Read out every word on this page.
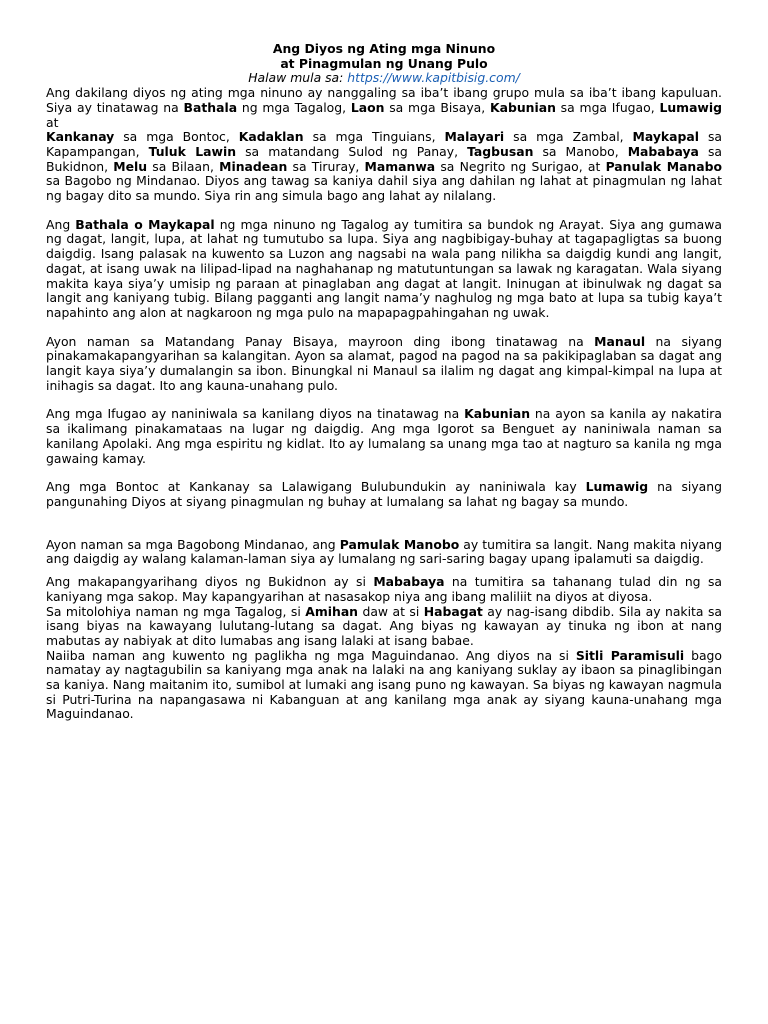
Ang Diyos ng Ating mga Ninuno
at Pinagmulan ng Unang Pulo
Halaw mula sa: https://www.kapitbisig.com/

Ang dakilang diyos ng ating mga ninuno ay nanggaling sa iba’t ibang grupo mula sa iba’t ibang kapuluan. Siya ay tinatawag na Bathala ng mga Tagalog, Laon sa mga Bisaya, Kabunian sa mga Ifugao, Lumawig at
Kankanay sa mga Bontoc, Kadaklan sa mga Tinguians, Malayari sa mga Zambal, Maykapal sa Kapampangan, Tuluk Lawin sa matandang Sulod ng Panay, Tagbusan sa Manobo, Mababaya sa Bukidnon, Melu sa Bilaan, Minadean sa Tiruray, Mamanwa sa Negrito ng Surigao, at Panulak Manabo sa Bagobo ng Mindanao. Diyos ang tawag sa kaniya dahil siya ang dahilan ng lahat at pinagmulan ng lahat ng bagay dito sa mundo. Siya rin ang simula bago ang lahat ay nilalang.

Ang Bathala o Maykapal ng mga ninuno ng Tagalog ay tumitira sa bundok ng Arayat. Siya ang gumawa ng dagat, langit, lupa, at lahat ng tumutubo sa lupa. Siya ang nagbibigay-buhay at tagapagligtas sa buong daigdig. Isang palasak na kuwento sa Luzon ang nagsabi na wala pang nilikha sa daigdig kundi ang langit, dagat, at isang uwak na lilipad-lipad na naghahanap ng matutuntungan sa lawak ng karagatan. Wala siyang makita kaya siya’y umisip ng paraan at pinaglaban ang dagat at langit. Ininugan at ibinulwak ng dagat sa langit ang kaniyang tubig. Bilang pagganti ang langit nama’y naghulog ng mga bato at lupa sa tubig kaya’t napahinto ang alon at nagkaroon ng mga pulo na mapapagpahingahan ng uwak.

Ayon naman sa Matandang Panay Bisaya, mayroon ding ibong tinatawag na Manaul na siyang pinakamakapangyarihan sa kalangitan. Ayon sa alamat, pagod na pagod na sa pakikipaglaban sa dagat ang langit kaya siya’y dumalangin sa ibon. Binungkal ni Manaul sa ilalim ng dagat ang kimpal-kimpal na lupa at inihagis sa dagat. Ito ang kauna-unahang pulo.

Ang mga Ifugao ay naniniwala sa kanilang diyos na tinatawag na Kabunian na ayon sa kanila ay nakatira sa ikalimang pinakamataas na lugar ng daigdig. Ang mga Igorot sa Benguet ay naniniwala naman sa kanilang Apolaki. Ang mga espiritu ng kidlat. Ito ay lumalang sa unang mga tao at nagturo sa kanila ng mga gawaing kamay.

Ang mga Bontoc at Kankanay sa Lalawigang Bulubundukin ay naniniwala kay Lumawig na siyang pangunahing Diyos at siyang pinagmulan ng buhay at lumalang sa lahat ng bagay sa mundo.

Ayon naman sa mga Bagobong Mindanao, ang Pamulak Manobo ay tumitira sa langit. Nang makita niyang ang daigdig ay walang kalaman-laman siya ay lumalang ng sari-saring bagay upang ipalamuti sa daigdig.

Ang makapangyarihang diyos ng Bukidnon ay si Mababaya na tumitira sa tahanang tulad din ng sa kaniyang mga sakop. May kapangyarihan at nasasakop niya ang ibang maliliit na diyos at diyosa.

Sa mitolohiya naman ng mga Tagalog, si Amihan daw at si Habagat ay nag-isang dibdib. Sila ay nakita sa isang biyas na kawayang lulutang-lutang sa dagat. Ang biyas ng kawayan ay tinuka ng ibon at nang mabutas ay nabiyak at dito lumabas ang isang lalaki at isang babae.

Naiiba naman ang kuwento ng paglikha ng mga Maguindanao. Ang diyos na si Sitli Paramisuli bago namatay ay nagtagubilin sa kaniyang mga anak na lalaki na ang kaniyang suklay ay ibaon sa pinaglibingan sa kaniya. Nang maitanim ito, sumibol at lumaki ang isang puno ng kawayan. Sa biyas ng kawayan nagmula si Putri-Turina na napangasawa ni Kabanguan at ang kanilang mga anak ay siyang kauna-unahang mga Maguindanao.
